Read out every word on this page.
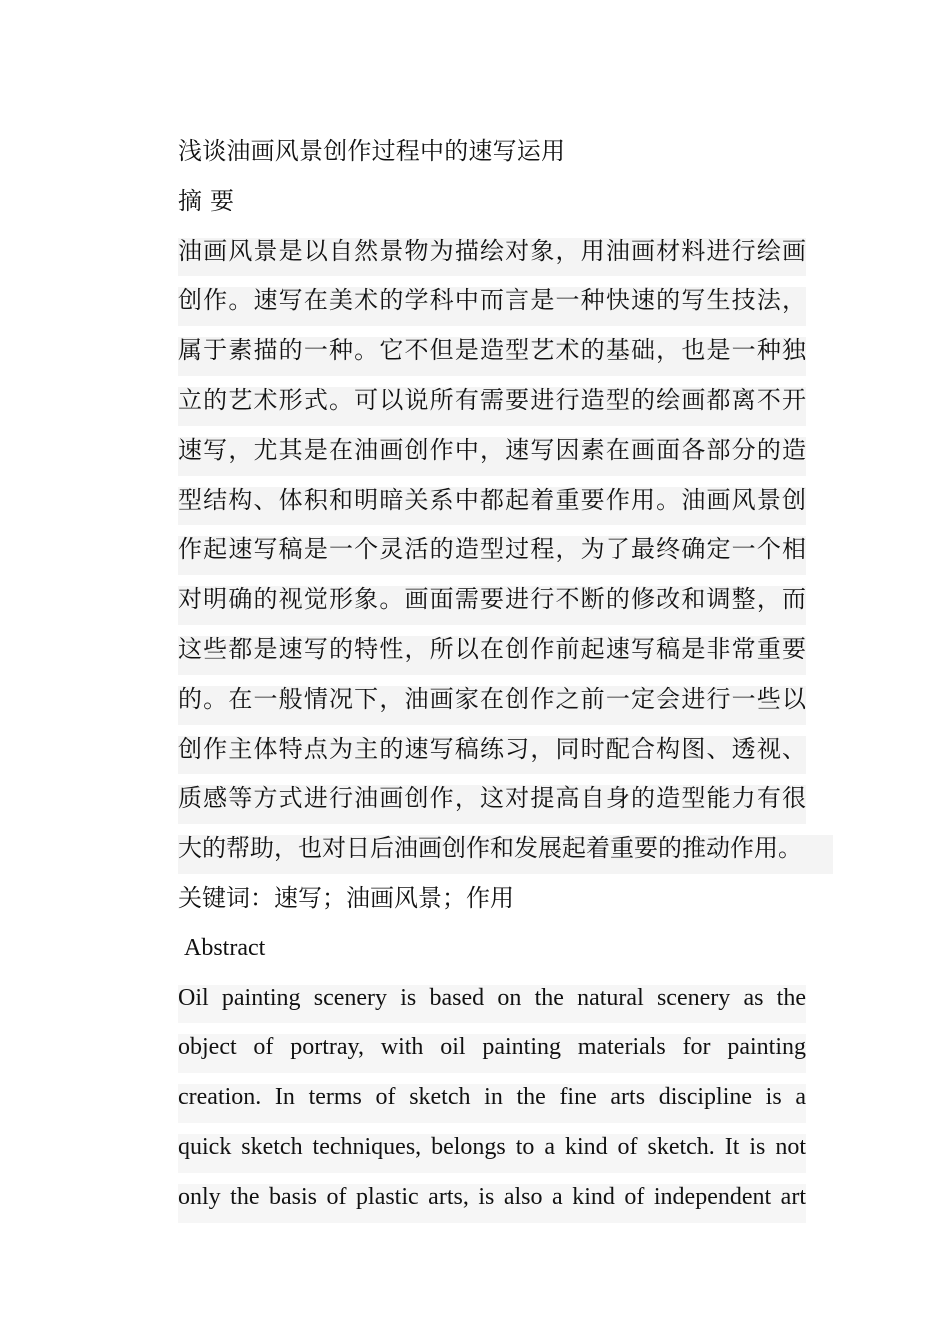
浅谈油画风景创作过程中的速写运用
摘 要
油画风景是以自然景物为描绘对象，用油画材料进行绘画
创作。速写在美术的学科中而言是一种快速的写生技法，
属于素描的一种。它不但是造型艺术的基础，也是一种独
立的艺术形式。可以说所有需要进行造型的绘画都离不开
速写，尤其是在油画创作中，速写因素在画面各部分的造
型结构、体积和明暗关系中都起着重要作用。油画风景创
作起速写稿是一个灵活的造型过程，为了最终确定一个相
对明确的视觉形象。画面需要进行不断的修改和调整，而
这些都是速写的特性，所以在创作前起速写稿是非常重要
的。在一般情况下，油画家在创作之前一定会进行一些以
创作主体特点为主的速写稿练习，同时配合构图、透视、
质感等方式进行油画创作，这对提高自身的造型能力有很
大的帮助，也对日后油画创作和发展起着重要的推动作用。
关键词：速写；油画风景；作用
Abstract
Oil painting scenery is based on the natural scenery as the
object of portray, with oil painting materials for painting
creation. In terms of sketch in the fine arts discipline is a
quick sketch techniques, belongs to a kind of sketch. It is not
only the basis of plastic arts, is also a kind of independent art
